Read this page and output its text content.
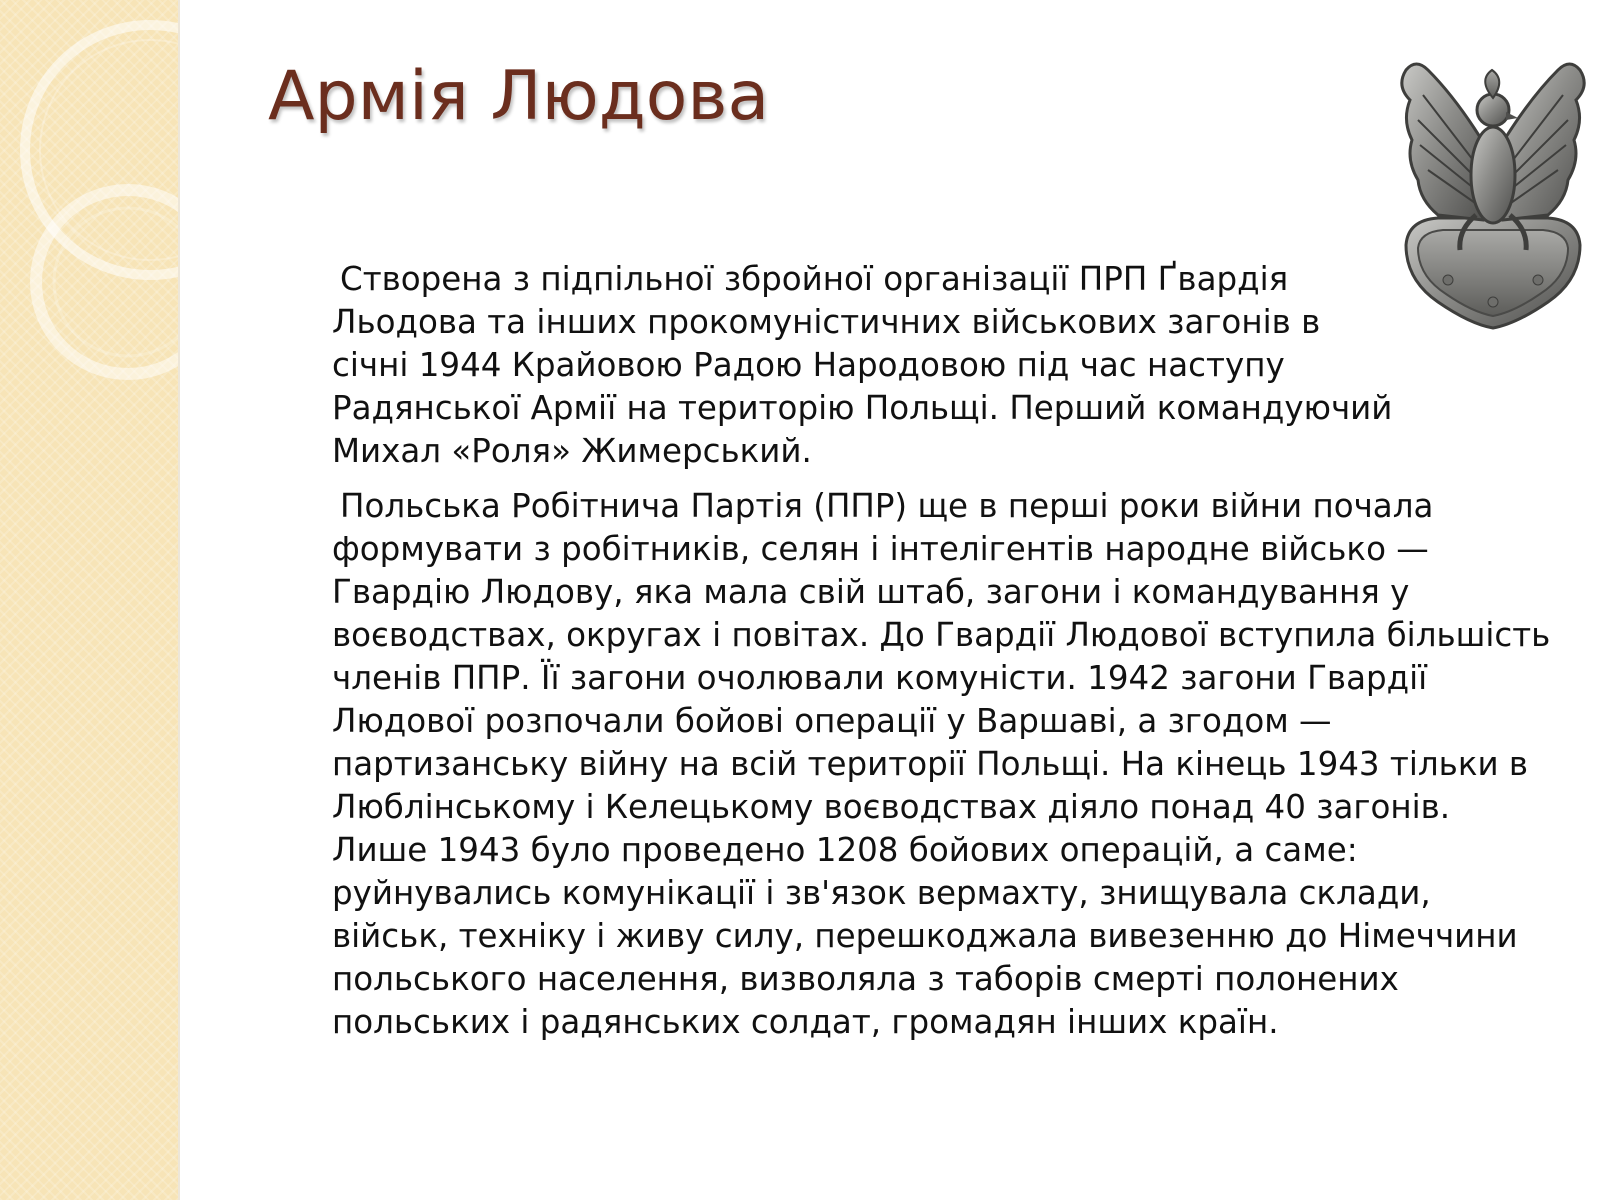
Армія Людова

Створена з підпільної збройної організації ПРП Ґвардія Льодова та інших прокомуністичних військових загонів в січні 1944 Крайовою Радою Народовою під час наступу Радянської Армії на територію Польщі. Перший командуючий Михал «Роля» Жимерський.

Польська Робітнича Партія (ППР) ще в перші роки війни почала формувати з робітників, селян і інтелігентів народне військо — Гвардію Людову, яка мала свій штаб, загони і командування у воєводствах, округах і повітах. До Гвардії Людової вступила більшість членів ППР. Її загони очолювали комуністи. 1942 загони Гвардії Людової розпочали бойові операції у Варшаві, а згодом — партизанську війну на всій території Польщі. На кінець 1943 тільки в Люблінському і Келецькому воєводствах діяло понад 40 загонів. Лише 1943 було проведено 1208 бойових операцій, а саме: руйнувались комунікації і зв'язок вермахту, знищувала склади, військ, техніку і живу силу, перешкоджала вивезенню до Німеччини польського населення, визволяла з таборів смерті полонених польських і радянських солдат, громадян інших країн.
